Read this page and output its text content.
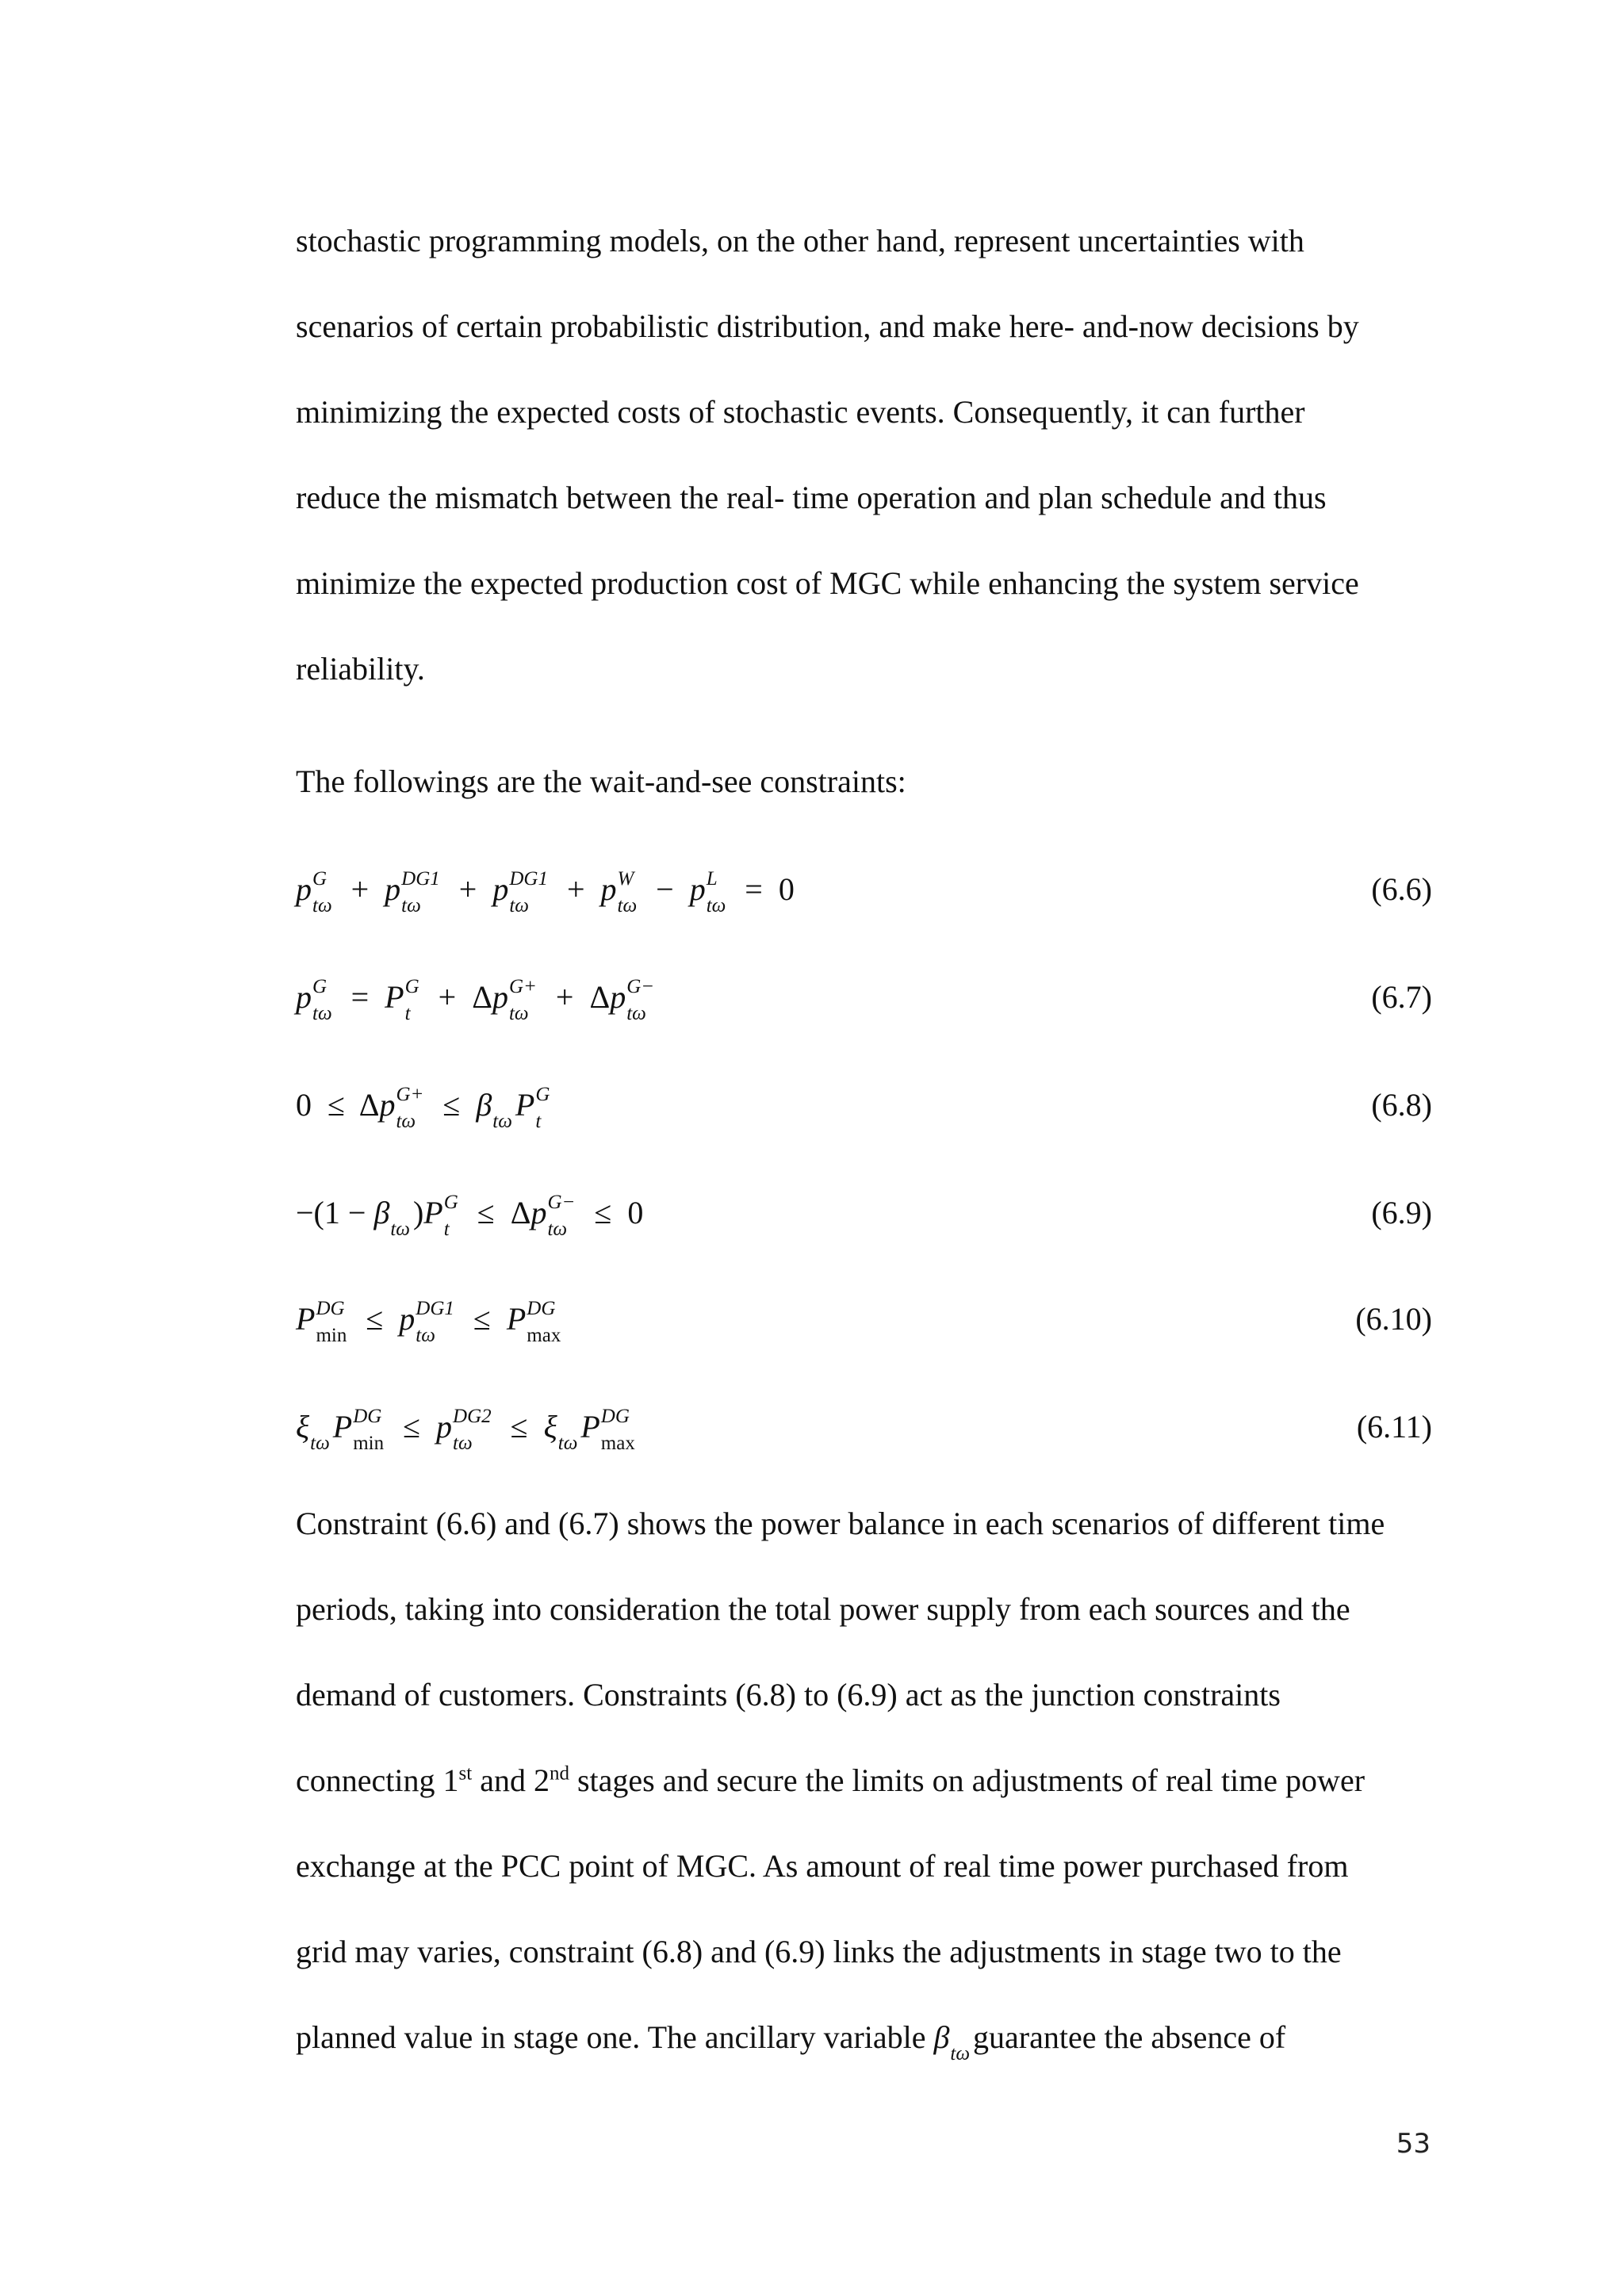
stochastic programming models, on the other hand, represent uncertainties with
scenarios of certain probabilistic distribution, and make here- and-now decisions by
minimizing the expected costs of stochastic events. Consequently, it can further
reduce the mismatch between the real- time operation and plan schedule and thus
minimize the expected production cost of MGC while enhancing the system service
reliability.
The followings are the wait-and-see constraints:
p G
tω + p DG1
tω	+ p DG1
tω	+ p W
tω − p L
tω = 0	(6.6)
p G
tω = P G
t + Δp G+
tω + Δp G−
tω	(6.7)
0 ≤ Δp G+
tω ≤ β
tω P G
t	(6.8)
−(1 − β
tω )P G
t ≤ Δp G−
tω ≤ 0	(6.9)
P DG
min ≤ p DG1
tω	≤ P DG
max	(6.10)
ξ
tω P DG
min ≤ p DG2
tω	≤ ξ
tω P DG
max	(6.11)
Constraint (6.6) and (6.7) shows the power balance in each scenarios of different time
periods, taking into consideration the total power supply from each sources and the
demand of customers. Constraints (6.8) to (6.9) act as the junction constraints
connecting 1st and 2nd stages and secure the limits on adjustments of real time power
exchange at the PCC point of MGC. As amount of real time power purchased from
grid may varies, constraint (6.8) and (6.9) links the adjustments in stage two to the
planned value in stage one. The ancillary variable β
tω guarantee the absence of
53
